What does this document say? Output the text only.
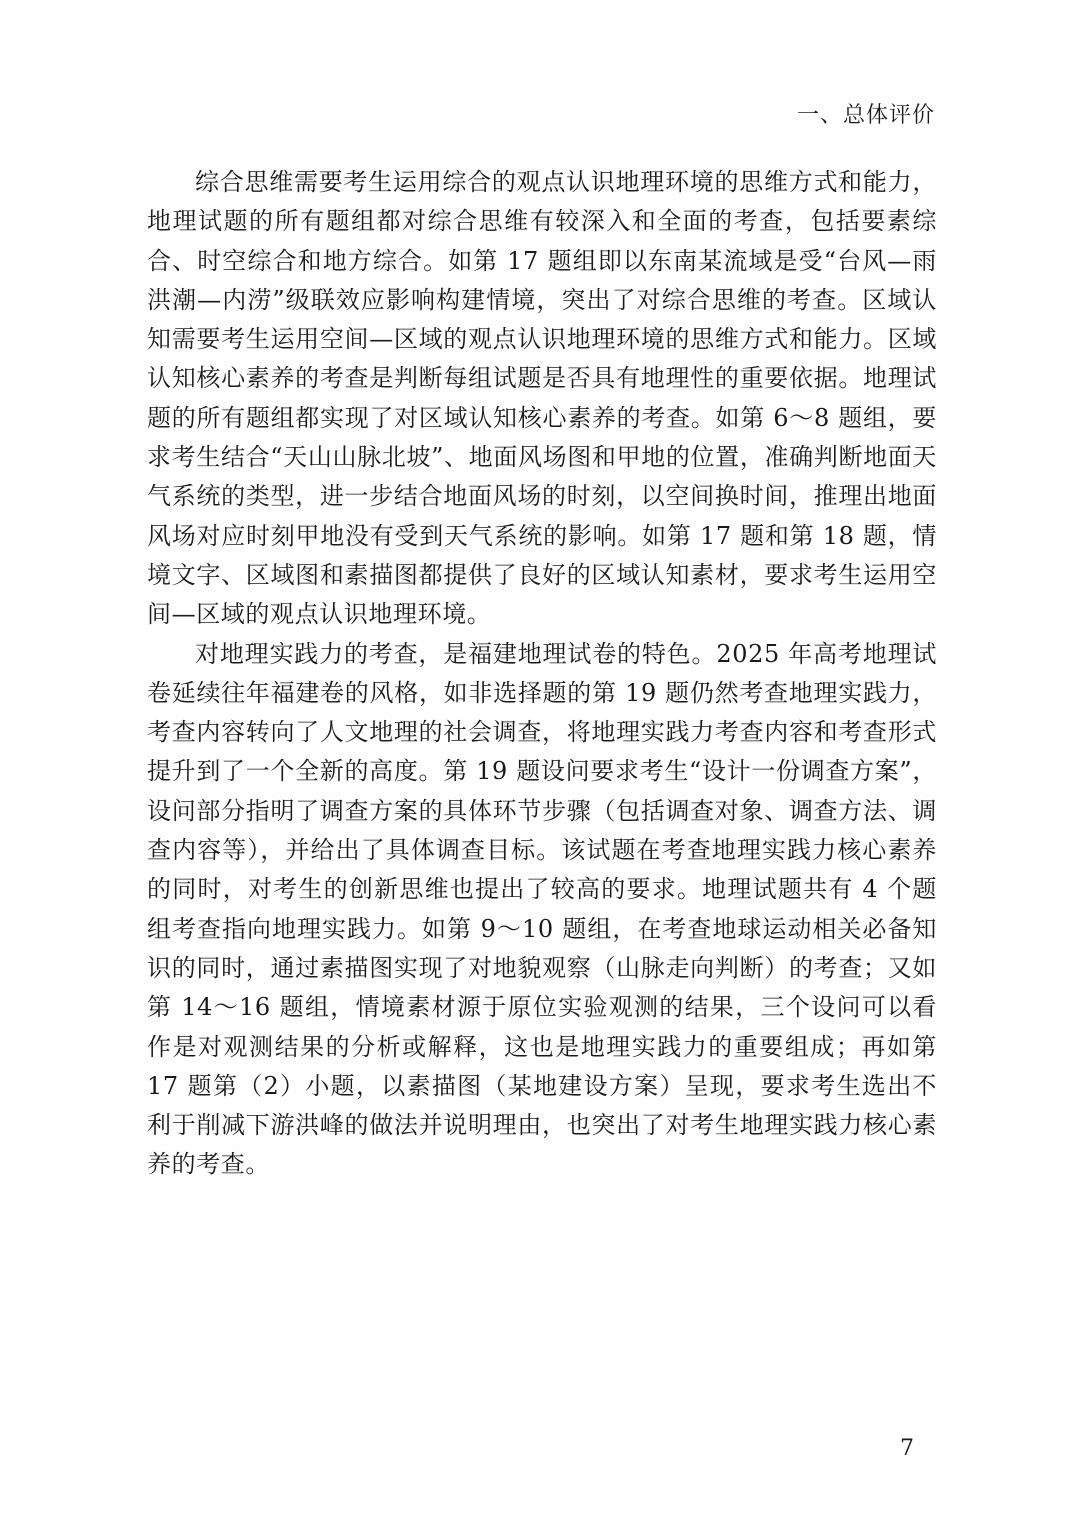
一、总体评价

综合思维需要考生运用综合的观点认识地理环境的思维方式和能力，地理试题的所有题组都对综合思维有较深入和全面的考查，包括要素综合、时空综合和地方综合。如第 17 题组即以东南某流域是受“台风—雨洪潮—内涝”级联效应影响构建情境，突出了对综合思维的考查。区域认知需要考生运用空间—区域的观点认识地理环境的思维方式和能力。区域认知核心素养的考查是判断每组试题是否具有地理性的重要依据。地理试题的所有题组都实现了对区域认知核心素养的考查。如第 6～8 题组，要求考生结合“天山山脉北坡”、地面风场图和甲地的位置，准确判断地面天气系统的类型，进一步结合地面风场的时刻，以空间换时间，推理出地面风场对应时刻甲地没有受到天气系统的影响。如第 17 题和第 18 题，情境文字、区域图和素描图都提供了良好的区域认知素材，要求考生运用空间—区域的观点认识地理环境。

对地理实践力的考查，是福建地理试卷的特色。2025 年高考地理试卷延续往年福建卷的风格，如非选择题的第 19 题仍然考查地理实践力，考查内容转向了人文地理的社会调查，将地理实践力考查内容和考查形式提升到了一个全新的高度。第 19 题设问要求考生“设计一份调查方案”，设问部分指明了调查方案的具体环节步骤（包括调查对象、调查方法、调查内容等），并给出了具体调查目标。该试题在考查地理实践力核心素养的同时，对考生的创新思维也提出了较高的要求。地理试题共有 4 个题组考查指向地理实践力。如第 9～10 题组，在考查地球运动相关必备知识的同时，通过素描图实现了对地貌观察（山脉走向判断）的考查；又如第 14～16 题组，情境素材源于原位实验观测的结果，三个设问可以看作是对观测结果的分析或解释，这也是地理实践力的重要组成；再如第 17 题第（2）小题，以素描图（某地建设方案）呈现，要求考生选出不利于削减下游洪峰的做法并说明理由，也突出了对考生地理实践力核心素养的考查。

7
